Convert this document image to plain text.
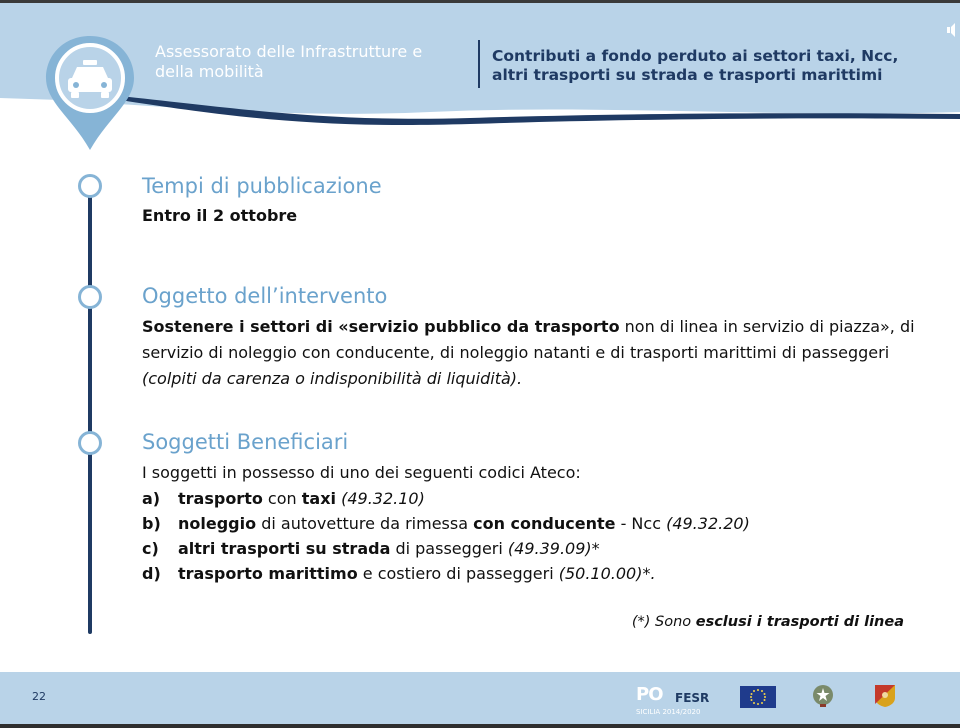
Assessorato delle Infrastrutture e della mobilità
Contributi a fondo perduto ai settori taxi, Ncc, altri trasporti su strada e trasporti marittimi
Tempi di pubblicazione
Entro il 2 ottobre
Oggetto dell’intervento
Sostenere i settori di «servizio pubblico da trasporto non di linea in servizio di piazza», di servizio di noleggio con conducente, di noleggio natanti e di trasporti marittimi di passeggeri (colpiti da carenza o indisponibilità di liquidità).
Soggetti Beneficiari
I soggetti in possesso di uno dei seguenti codici Ateco:
a)	trasporto con taxi (49.32.10)
b)	noleggio di autovetture da rimessa con conducente - Ncc (49.32.20)
c)	altri trasporti su strada di passeggeri (49.39.09)*
d)	trasporto marittimo e costiero di passeggeri (50.10.00)*.
(*) Sono esclusi i trasporti di linea
22	PO
SICILIA 2014/2020
FESR
